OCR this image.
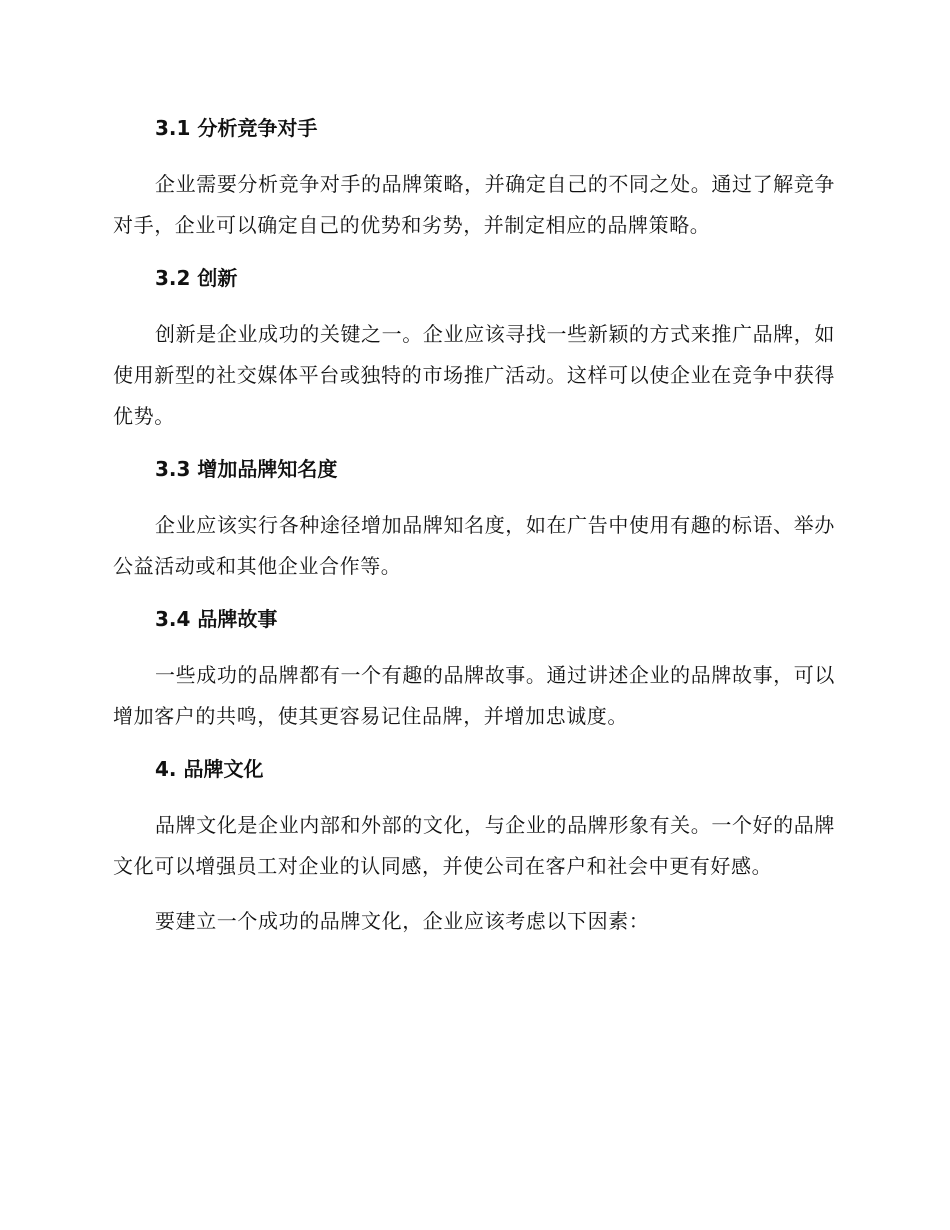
3.1 分析竞争对手

企业需要分析竞争对手的品牌策略，并确定自己的不同之处。通过了解竞争对手，企业可以确定自己的优势和劣势，并制定相应的品牌策略。

3.2 创新

创新是企业成功的关键之一。企业应该寻找一些新颖的方式来推广品牌，如使用新型的社交媒体平台或独特的市场推广活动。这样可以使企业在竞争中获得优势。

3.3 增加品牌知名度

企业应该实行各种途径增加品牌知名度，如在广告中使用有趣的标语、举办公益活动或和其他企业合作等。

3.4 品牌故事

一些成功的品牌都有一个有趣的品牌故事。通过讲述企业的品牌故事，可以增加客户的共鸣，使其更容易记住品牌，并增加忠诚度。

4. 品牌文化

品牌文化是企业内部和外部的文化，与企业的品牌形象有关。一个好的品牌文化可以增强员工对企业的认同感，并使公司在客户和社会中更有好感。

要建立一个成功的品牌文化，企业应该考虑以下因素：
